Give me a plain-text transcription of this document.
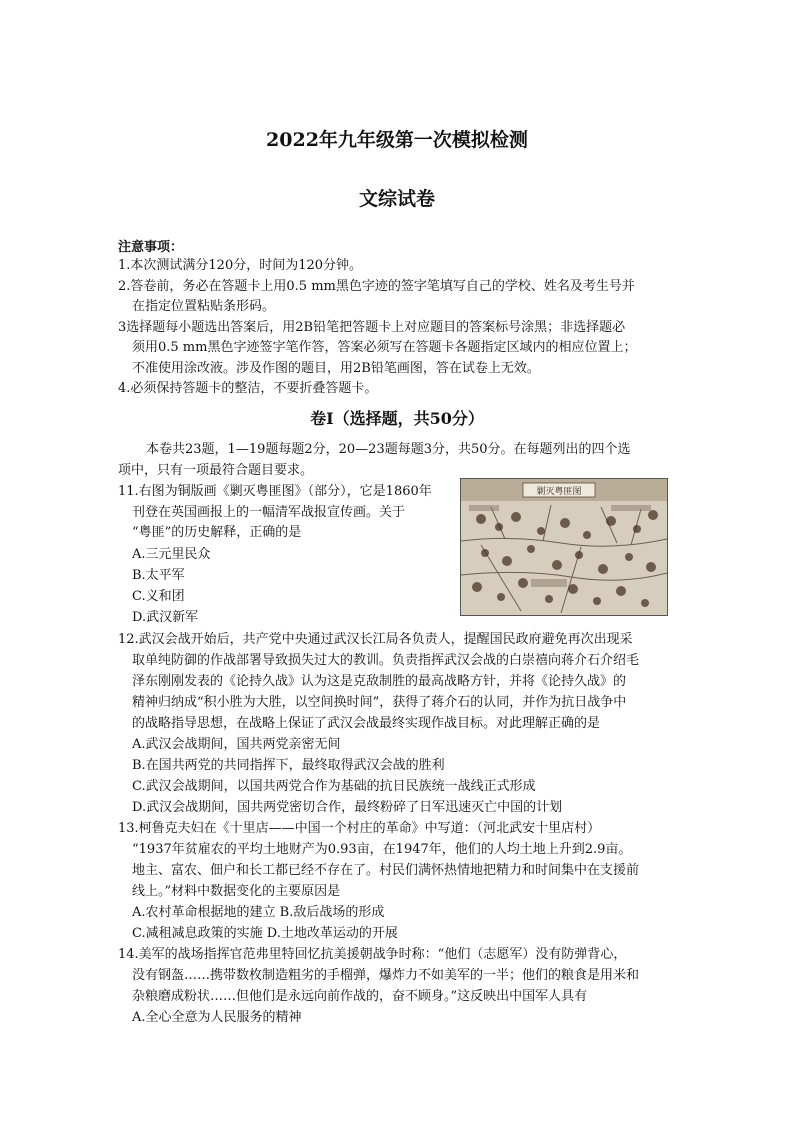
2022年九年级第一次模拟检测
文综试卷
注意事项：
1.本次测试满分120分，时间为120分钟。
2.答卷前，务必在答题卡上用0.5 mm黑色字迹的签字笔填写自己的学校、姓名及考生号并
在指定位置粘贴条形码。
3选择题每小题选出答案后，用2B铅笔把答题卡上对应题目的答案标号涂黑；非选择题必
须用0.5 mm黑色字迹签字笔作答，答案必须写在答题卡各题指定区域内的相应位置上；
不准使用涂改液。涉及作图的题目，用2B铅笔画图，答在试卷上无效。
4.必须保持答题卡的整洁，不要折叠答题卡。
卷Ⅰ（选择题，共50分）
本卷共23题，1—19题每题2分，20—23题每题3分，共50分。在每题列出的四个选
项中，只有一项最符合题目要求。
11.右图为铜版画《剿灭粤匪图》（部分），它是1860年
刊登在英国画报上的一幅清军战报宣传画。关于
“粤匪”的历史解释，正确的是
A.三元里民众
B.太平军
C.义和团
D.武汉新军
剿灭粤匪图
12.武汉会战开始后，共产党中央通过武汉长江局各负责人，提醒国民政府避免再次出现采
取单纯防御的作战部署导致损失过大的教训。负责指挥武汉会战的白崇禧向蒋介石介绍毛
泽东刚刚发表的《论持久战》认为这是克敌制胜的最高战略方针，并将《论持久战》的
精神归纳成“积小胜为大胜，以空间换时间”，获得了蒋介石的认同，并作为抗日战争中
的战略指导思想，在战略上保证了武汉会战最终实现作战目标。对此理解正确的是
A.武汉会战期间，国共两党亲密无间
B.在国共两党的共同指挥下，最终取得武汉会战的胜利
C.武汉会战期间，以国共两党合作为基础的抗日民族统一战线正式形成
D.武汉会战期间，国共两党密切合作，最终粉碎了日军迅速灭亡中国的计划
13.柯鲁克夫妇在《十里店——中国一个村庄的革命》中写道：（河北武安十里店村）
“1937年贫雇农的平均土地财产为0.93亩，在1947年，他们的人均土地上升到2.9亩。
地主、富农、佃户和长工都已经不存在了。村民们满怀热情地把精力和时间集中在支援前
线上。”材料中数据变化的主要原因是
A.农村革命根据地的建立 B.敌后战场的形成
C.减租减息政策的实施 D.土地改革运动的开展
14.美军的战场指挥官范弗里特回忆抗美援朝战争时称：“他们（志愿军）没有防弹背心，
没有钢盔……携带数枚制造粗劣的手榴弹，爆炸力不如美军的一半；他们的粮食是用米和
杂粮磨成粉状……但他们是永远向前作战的，奋不顾身。”这反映出中国军人具有
A.全心全意为人民服务的精神
